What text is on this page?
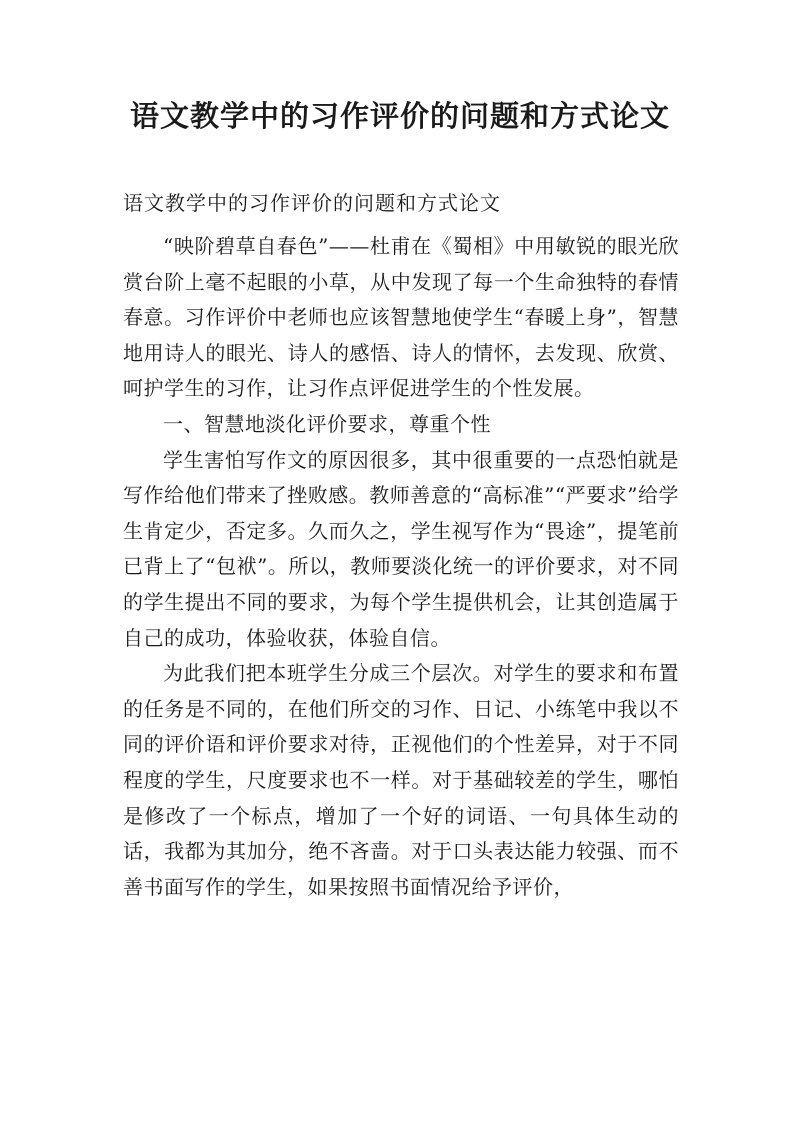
语文教学中的习作评价的问题和方式论文
语文教学中的习作评价的问题和方式论文

“映阶碧草自春色”——杜甫在《蜀相》中用敏锐的眼光欣赏台阶上毫不起眼的小草，从中发现了每一个生命独特的春情春意。习作评价中老师也应该智慧地使学生“春暖上身”，智慧地用诗人的眼光、诗人的感悟、诗人的情怀，去发现、欣赏、呵护学生的习作，让习作点评促进学生的个性发展。

一、智慧地淡化评价要求，尊重个性

学生害怕写作文的原因很多，其中很重要的一点恐怕就是写作给他们带来了挫败感。教师善意的“高标准”“严要求”给学生肯定少，否定多。久而久之，学生视写作为“畏途”，提笔前已背上了“包袱”。所以，教师要淡化统一的评价要求，对不同的学生提出不同的要求，为每个学生提供机会，让其创造属于自己的成功，体验收获，体验自信。

为此我们把本班学生分成三个层次。对学生的要求和布置的任务是不同的，在他们所交的习作、日记、小练笔中我以不同的评价语和评价要求对待，正视他们的个性差异，对于不同程度的学生，尺度要求也不一样。对于基础较差的学生，哪怕是修改了一个标点，增加了一个好的词语、一句具体生动的话，我都为其加分，绝不吝啬。对于口头表达能力较强、而不善书面写作的学生，如果按照书面情况给予评价，
